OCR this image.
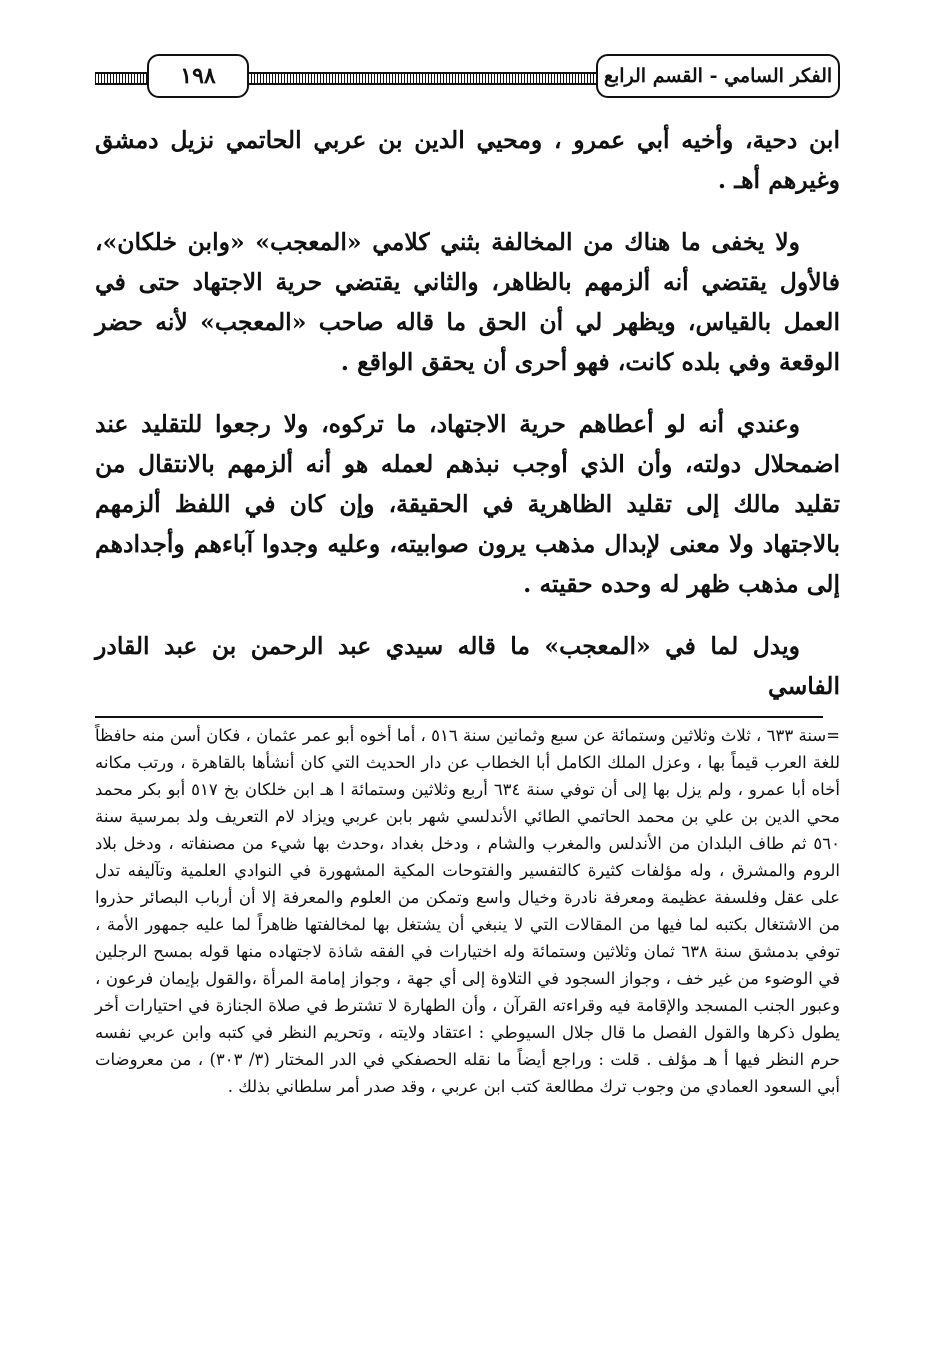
الفكر السامي - القسم الرابع
١٩٨

ابن دحية، وأخيه أبي عمرو ، ومحيي الدين بن عربي الحاتمي نزيل دمشق وغيرهم أهـ .

ولا يخفى ما هناك من المخالفة بثني كلامي «المعجب» «وابن خلكان»، فالأول يقتضي أنه ألزمهم بالظاهر، والثاني يقتضي حرية الاجتهاد حتى في العمل بالقياس، ويظهر لي أن الحق ما قاله صاحب «المعجب» لأنه حضر الوقعة وفي بلده كانت، فهو أحرى أن يحقق الواقع .

وعندي أنه لو أعطاهم حرية الاجتهاد، ما تركوه، ولا رجعوا للتقليد عند اضمحلال دولته، وأن الذي أوجب نبذهم لعمله هو أنه ألزمهم بالانتقال من تقليد مالك إلى تقليد الظاهرية في الحقيقة، وإن كان في اللفظ ألزمهم بالاجتهاد ولا معنى لإبدال مذهب يرون صوابيته، وعليه وجدوا آباءهم وأجدادهم إلى مذهب ظهر له وحده حقيته .

ويدل لما في «المعجب» ما قاله سيدي عبد الرحمن بن عبد القادر الفاسي

=سنة ٦٣٣ ، ثلاث وثلاثين وستمائة عن سبع وثمانين سنة ٥١٦ ، أما أخوه أبو عمر عثمان ، فكان أسن منه حافظاً للغة العرب قيماً بها ، وعزل الملك الكامل أبا الخطاب عن دار الحديث التي كان أنشأها بالقاهرة ، ورتب مكانه أخاه أبا عمرو ، ولم يزل بها إلى أن توفي سنة ٦٣٤ أربع وثلاثين وستمائة ا هـ ابن خلكان بخ ٥١٧ أبو بكر محمد محي الدين بن علي بن محمد الحاتمي الطائي الأندلسي شهر بابن عربي ويزاد لام التعريف ولد بمرسية سنة ٥٦٠ ثم طاف البلدان من الأندلس والمغرب والشام ، ودخل بغداد ،وحدث بها شيء من مصنفاته ، ودخل بلاد الروم والمشرق ، وله مؤلفات كثيرة كالتفسير والفتوحات المكية المشهورة في النوادي العلمية وتآليفه تدل على عقل وفلسفة عظيمة ومعرفة نادرة وخيال واسع وتمكن من العلوم والمعرفة إلا أن أرباب البصائر حذروا من الاشتغال بكتبه لما فيها من المقالات التي لا ينبغي أن يشتغل بها لمخالفتها ظاهراً لما عليه جمهور الأمة ، توفي بدمشق سنة ٦٣٨ ثمان وثلاثين وستمائة وله اختيارات في الفقه شاذة لاجتهاده منها قوله بمسح الرجلين في الوضوء من غير خف ، وجواز السجود في التلاوة إلى أي جهة ، وجواز إمامة المرأة ،والقول بإيمان فرعون ، وعبور الجنب المسجد والإقامة فيه وقراءته القرآن ، وأن الطهارة لا تشترط في صلاة الجنازة في احتيارات أخر يطول ذكرها والقول الفصل ما قال جلال السيوطي : اعتقاد ولايته ، وتحريم النظر في كتبه وابن عربي نفسه حرم النظر فيها أ هـ مؤلف . قلت : وراجع أيضاً ما نقله الحصفكي في الدر المختار (٣/ ٣٠٣) ، من معروضات أبي السعود العمادي من وجوب ترك مطالعة كتب ابن عربي ، وقد صدر أمر سلطاني بذلك .
